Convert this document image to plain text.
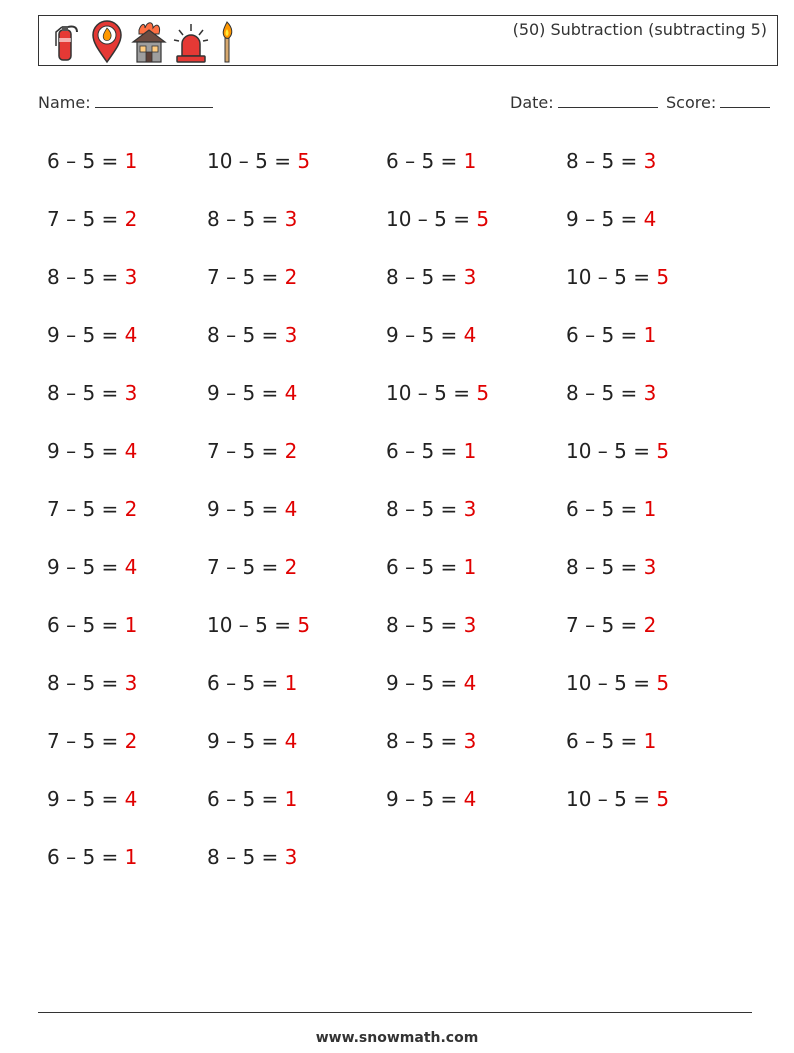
(50) Subtraction (subtracting 5)
Name:	Date:	Score:
6 – 5 = 1
7 – 5 = 2
8 – 5 = 3
9 – 5 = 4
8 – 5 = 3
9 – 5 = 4
7 – 5 = 2
9 – 5 = 4
6 – 5 = 1
8 – 5 = 3
7 – 5 = 2
9 – 5 = 4
6 – 5 = 1
10 – 5 = 5
8 – 5 = 3
7 – 5 = 2
8 – 5 = 3
9 – 5 = 4
7 – 5 = 2
9 – 5 = 4
7 – 5 = 2
10 – 5 = 5
6 – 5 = 1
9 – 5 = 4
6 – 5 = 1
8 – 5 = 3
6 – 5 = 1
10 – 5 = 5
8 – 5 = 3
9 – 5 = 4
10 – 5 = 5
6 – 5 = 1
8 – 5 = 3
6 – 5 = 1
8 – 5 = 3
9 – 5 = 4
8 – 5 = 3
9 – 5 = 4
8 – 5 = 3
9 – 5 = 4
10 – 5 = 5
6 – 5 = 1
8 – 5 = 3
10 – 5 = 5
6 – 5 = 1
8 – 5 = 3
7 – 5 = 2
10 – 5 = 5
6 – 5 = 1
10 – 5 = 5
www.snowmath.com
